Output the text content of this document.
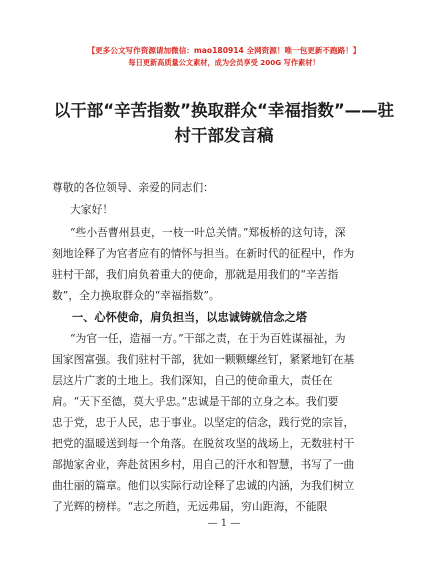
【更多公文写作资源请加微信：mao180914 全网资源！唯一包更新不跑路！】
每日更新高质量公文素材，成为会员享受 200G 写作素材！
以干部“辛苦指数”换取群众“幸福指数”——驻
村干部发言稿
尊敬的各位领导、亲爱的同志们：
大家好！
“些小吾曹州县吏，一枝一叶总关情。”郑板桥的这句诗，深
刻地诠释了为官者应有的情怀与担当。在新时代的征程中，作为
驻村干部，我们肩负着重大的使命，那就是用我们的“辛苦指
数”，全力换取群众的“幸福指数”。
一、心怀使命，肩负担当，以忠诚铸就信念之塔
“为官一任，造福一方。”干部之责，在于为百姓谋福祉，为
国家图富强。我们驻村干部，犹如一颗颗螺丝钉，紧紧地钉在基
层这片广袤的土地上。我们深知，自己的使命重大，责任在
肩。“天下至德，莫大乎忠。”忠诚是干部的立身之本。我们要
忠于党，忠于人民，忠于事业。以坚定的信念，践行党的宗旨，
把党的温暖送到每一个角落。在脱贫攻坚的战场上，无数驻村干
部抛家舍业，奔赴贫困乡村，用自己的汗水和智慧，书写了一曲
曲壮丽的篇章。他们以实际行动诠释了忠诚的内涵，为我们树立
了光辉的榜样。“志之所趋，无远弗届，穷山距海，不能限
— 1 —
